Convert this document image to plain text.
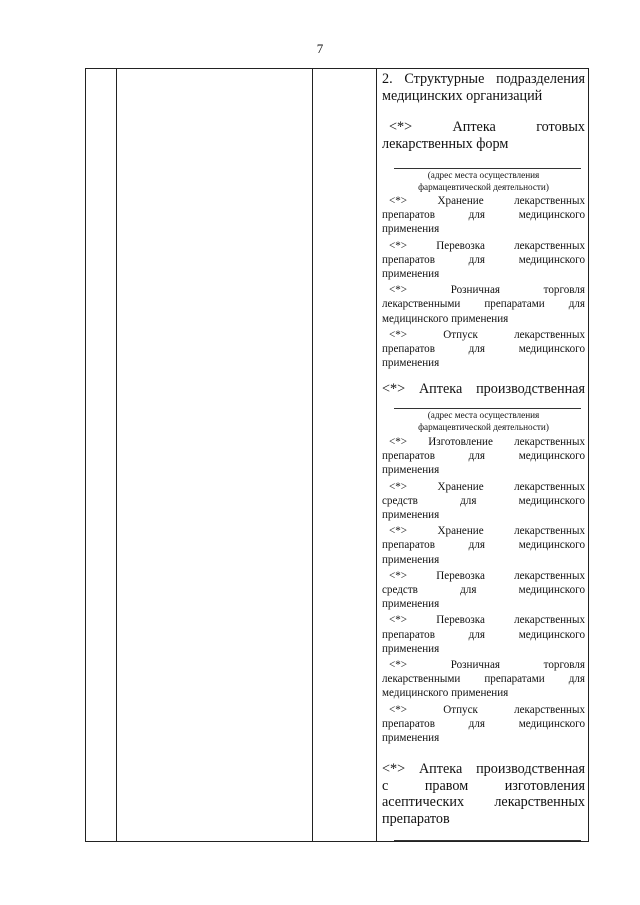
7
2. Структурные подразделения
медицинских организаций
<*> Аптека готовых
лекарственных форм
(адрес места осуществления
фармацевтической деятельности)
<*> Хранение лекарственных
препаратов для медицинского
применения
<*> Перевозка лекарственных
препаратов для медицинского
применения
<*> Розничная торговля
лекарственными препаратами для
медицинского применения
<*> Отпуск лекарственных
препаратов для медицинского
применения
<*> Аптека производственная
(адрес места осуществления
фармацевтической деятельности)
<*> Изготовление лекарственных
препаратов для медицинского
применения
<*> Хранение лекарственных
средств для медицинского
применения
<*> Хранение лекарственных
препаратов для медицинского
применения
<*> Перевозка лекарственных
средств для медицинского
применения
<*> Перевозка лекарственных
препаратов для медицинского
применения
<*> Розничная торговля
лекарственными препаратами для
медицинского применения
<*> Отпуск лекарственных
препаратов для медицинского
применения
<*> Аптека производственная
с правом изготовления
асептических лекарственных
препаратов
